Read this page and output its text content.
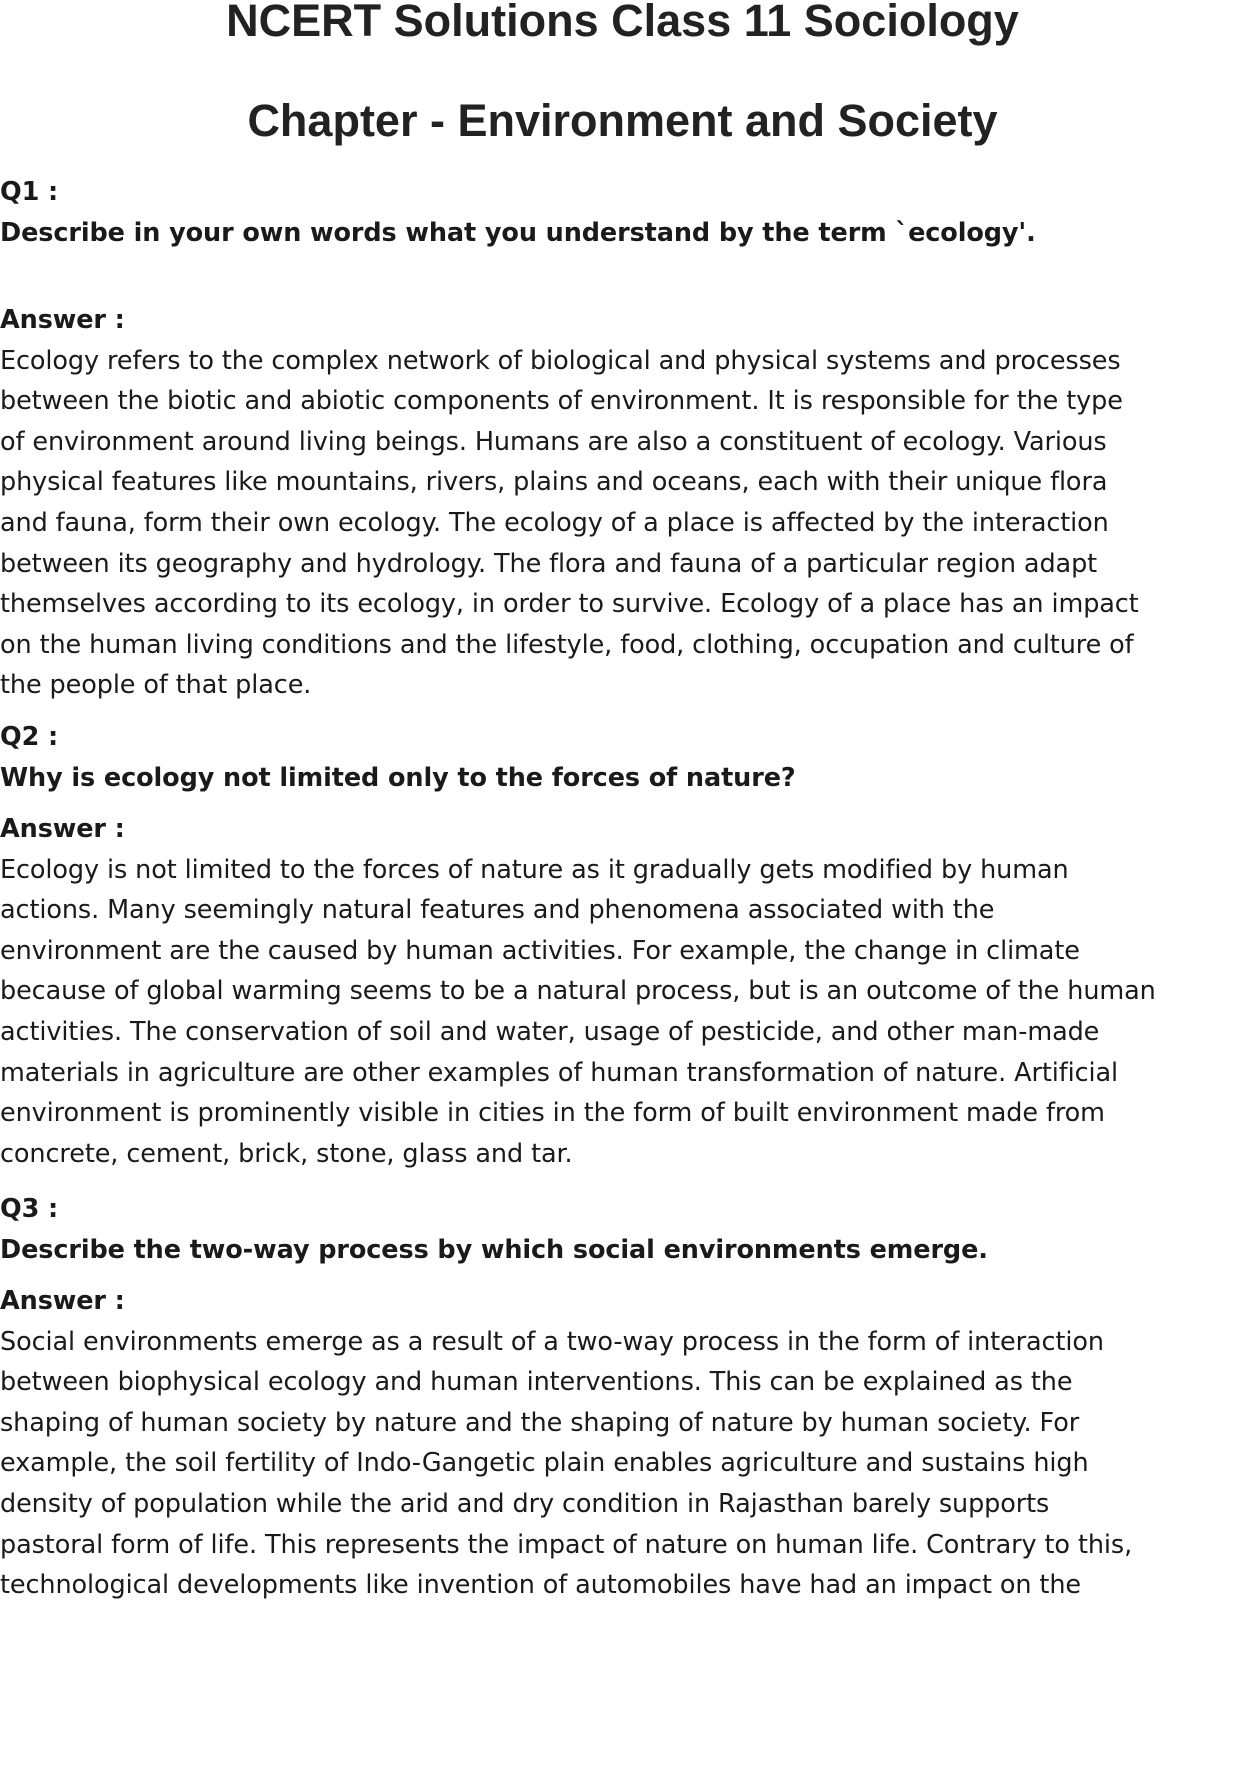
NCERT Solutions Class 11 Sociology
Chapter - Environment and Society
Q1 :
Describe in your own words what you understand by the term `ecology'.
Answer :
Ecology refers to the complex network of biological and physical systems and processes
between the biotic and abiotic components of environment. It is responsible for the type
of environment around living beings. Humans are also a constituent of ecology. Various
physical features like mountains, rivers, plains and oceans, each with their unique flora
and fauna, form their own ecology. The ecology of a place is affected by the interaction
between its geography and hydrology. The flora and fauna of a particular region adapt
themselves according to its ecology, in order to survive. Ecology of a place has an impact
on the human living conditions and the lifestyle, food, clothing, occupation and culture of
the people of that place.
Q2 :
Why is ecology not limited only to the forces of nature?
Answer :
Ecology is not limited to the forces of nature as it gradually gets modified by human
actions. Many seemingly natural features and phenomena associated with the
environment are the caused by human activities. For example, the change in climate
because of global warming seems to be a natural process, but is an outcome of the human
activities. The conservation of soil and water, usage of pesticide, and other man-made
materials in agriculture are other examples of human transformation of nature. Artificial
environment is prominently visible in cities in the form of built environment made from
concrete, cement, brick, stone, glass and tar.
Q3 :
Describe the two-way process by which social environments emerge.
Answer :
Social environments emerge as a result of a two-way process in the form of interaction
between biophysical ecology and human interventions. This can be explained as the
shaping of human society by nature and the shaping of nature by human society. For
example, the soil fertility of Indo-Gangetic plain enables agriculture and sustains high
density of population while the arid and dry condition in Rajasthan barely supports
pastoral form of life. This represents the impact of nature on human life. Contrary to this,
technological developments like invention of automobiles have had an impact on the
